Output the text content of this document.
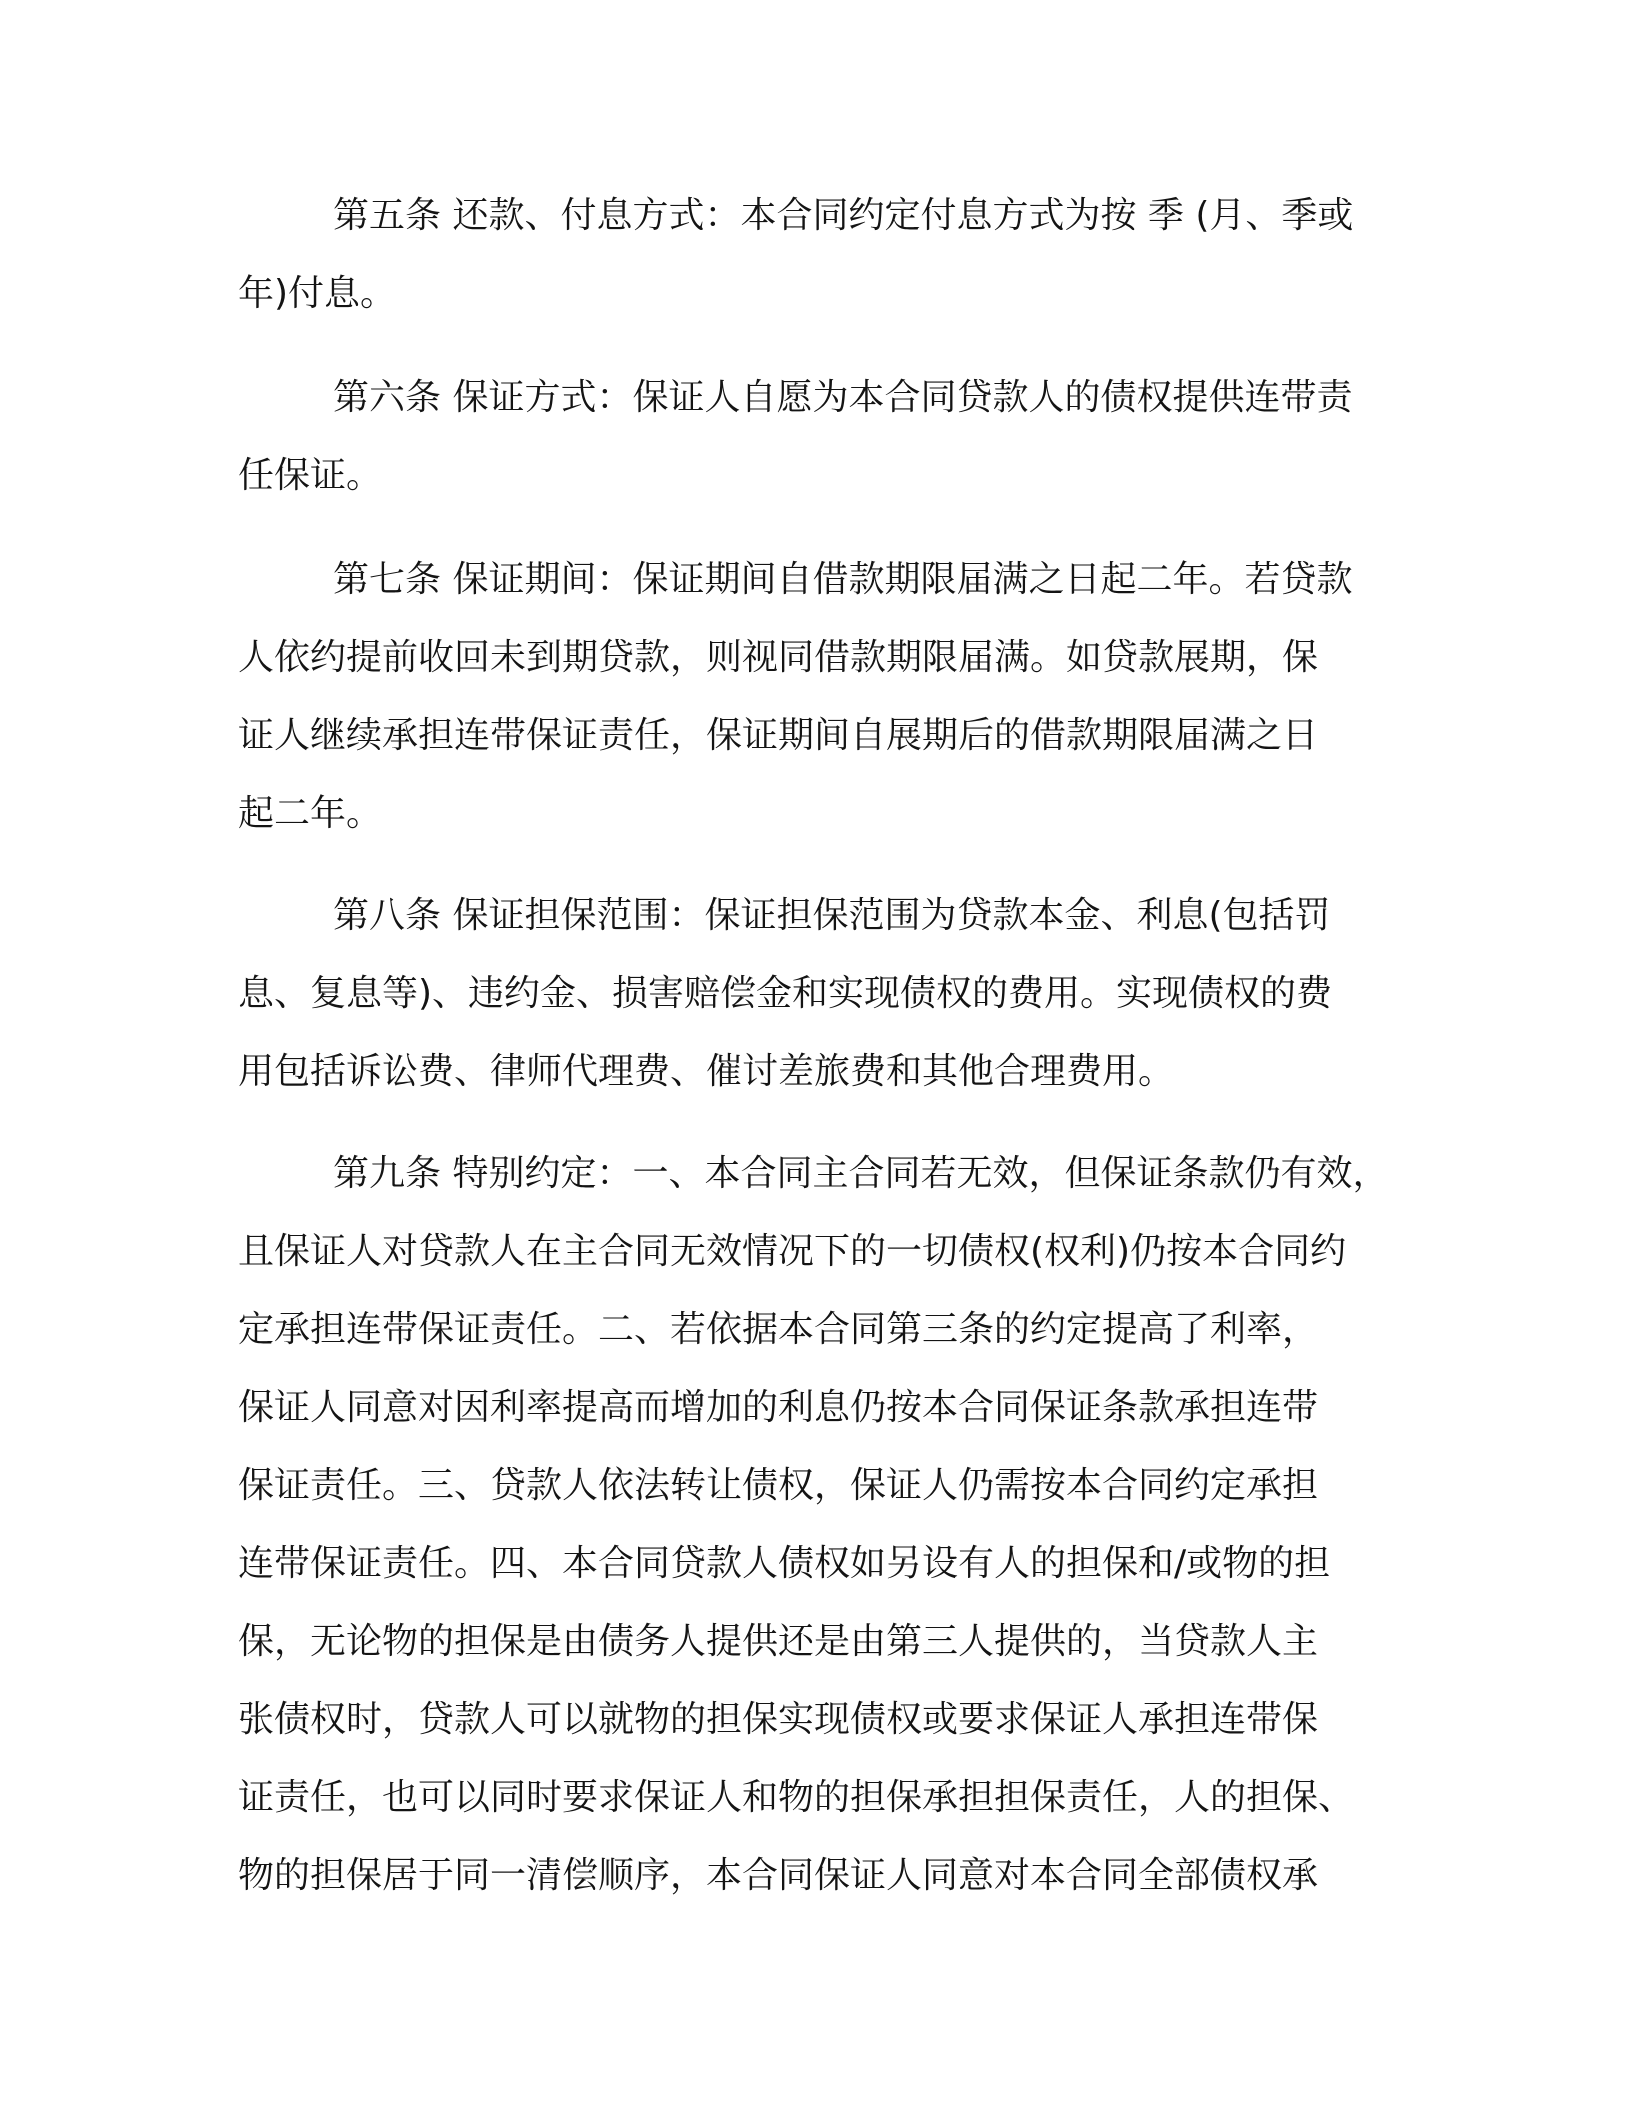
第五条 还款、付息方式：本合同约定付息方式为按 季 (月、季或
年)付息。
第六条 保证方式：保证人自愿为本合同贷款人的债权提供连带责
任保证。
第七条 保证期间：保证期间自借款期限届满之日起二年。若贷款
人依约提前收回未到期贷款，则视同借款期限届满。如贷款展期，保
证人继续承担连带保证责任，保证期间自展期后的借款期限届满之日
起二年。
第八条 保证担保范围：保证担保范围为贷款本金、利息(包括罚
息、复息等)、违约金、损害赔偿金和实现债权的费用。实现债权的费
用包括诉讼费、律师代理费、催讨差旅费和其他合理费用。
第九条 特别约定：一、本合同主合同若无效，但保证条款仍有效，
且保证人对贷款人在主合同无效情况下的一切债权(权利)仍按本合同约
定承担连带保证责任。二、若依据本合同第三条的约定提高了利率，
保证人同意对因利率提高而增加的利息仍按本合同保证条款承担连带
保证责任。三、贷款人依法转让债权，保证人仍需按本合同约定承担
连带保证责任。四、本合同贷款人债权如另设有人的担保和/或物的担
保，无论物的担保是由债务人提供还是由第三人提供的，当贷款人主
张债权时，贷款人可以就物的担保实现债权或要求保证人承担连带保
证责任，也可以同时要求保证人和物的担保承担担保责任，人的担保、
物的担保居于同一清偿顺序，本合同保证人同意对本合同全部债权承
